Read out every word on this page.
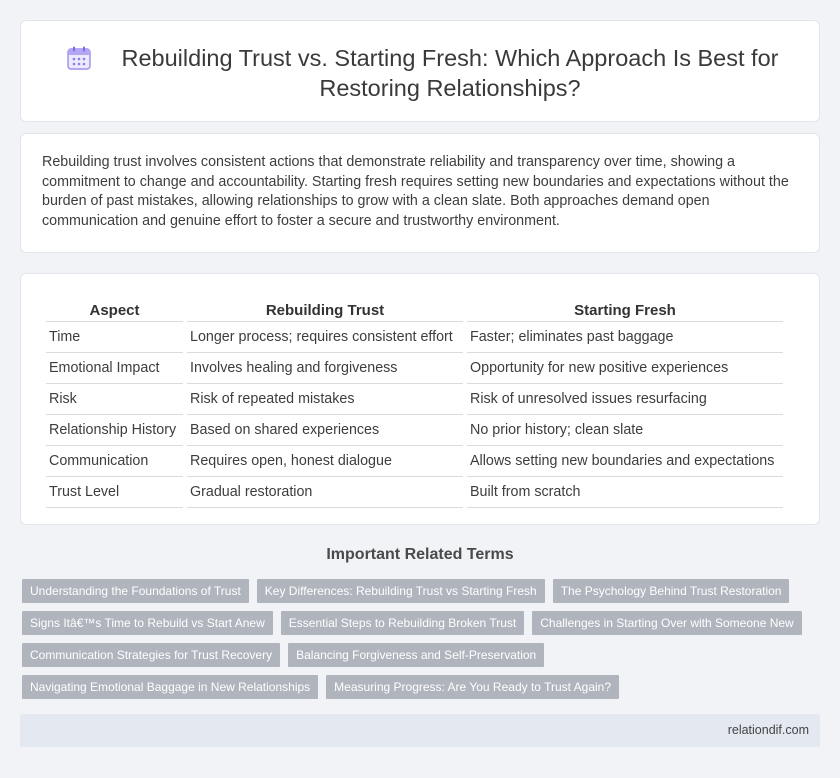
Rebuilding Trust vs. Starting Fresh: Which Approach Is Best for Restoring Relationships?

Rebuilding trust involves consistent actions that demonstrate reliability and transparency over time, showing a commitment to change and accountability. Starting fresh requires setting new boundaries and expectations without the burden of past mistakes, allowing relationships to grow with a clean slate. Both approaches demand open communication and genuine effort to foster a secure and trustworthy environment.

Aspect	Rebuilding Trust	Starting Fresh
Time	Longer process; requires consistent effort	Faster; eliminates past baggage
Emotional Impact	Involves healing and forgiveness	Opportunity for new positive experiences
Risk	Risk of repeated mistakes	Risk of unresolved issues resurfacing
Relationship History	Based on shared experiences	No prior history; clean slate
Communication	Requires open, honest dialogue	Allows setting new boundaries and expectations
Trust Level	Gradual restoration	Built from scratch
Important Related Terms
Understanding the Foundations of Trust	Key Differences: Rebuilding Trust vs Starting Fresh	The Psychology Behind Trust Restoration
Signs Itâ€™s Time to Rebuild vs Start Anew	Essential Steps to Rebuilding Broken Trust	Challenges in Starting Over with Someone New
Communication Strategies for Trust Recovery	Balancing Forgiveness and Self-Preservation
Navigating Emotional Baggage in New Relationships	Measuring Progress: Are You Ready to Trust Again?
relationdif.com
